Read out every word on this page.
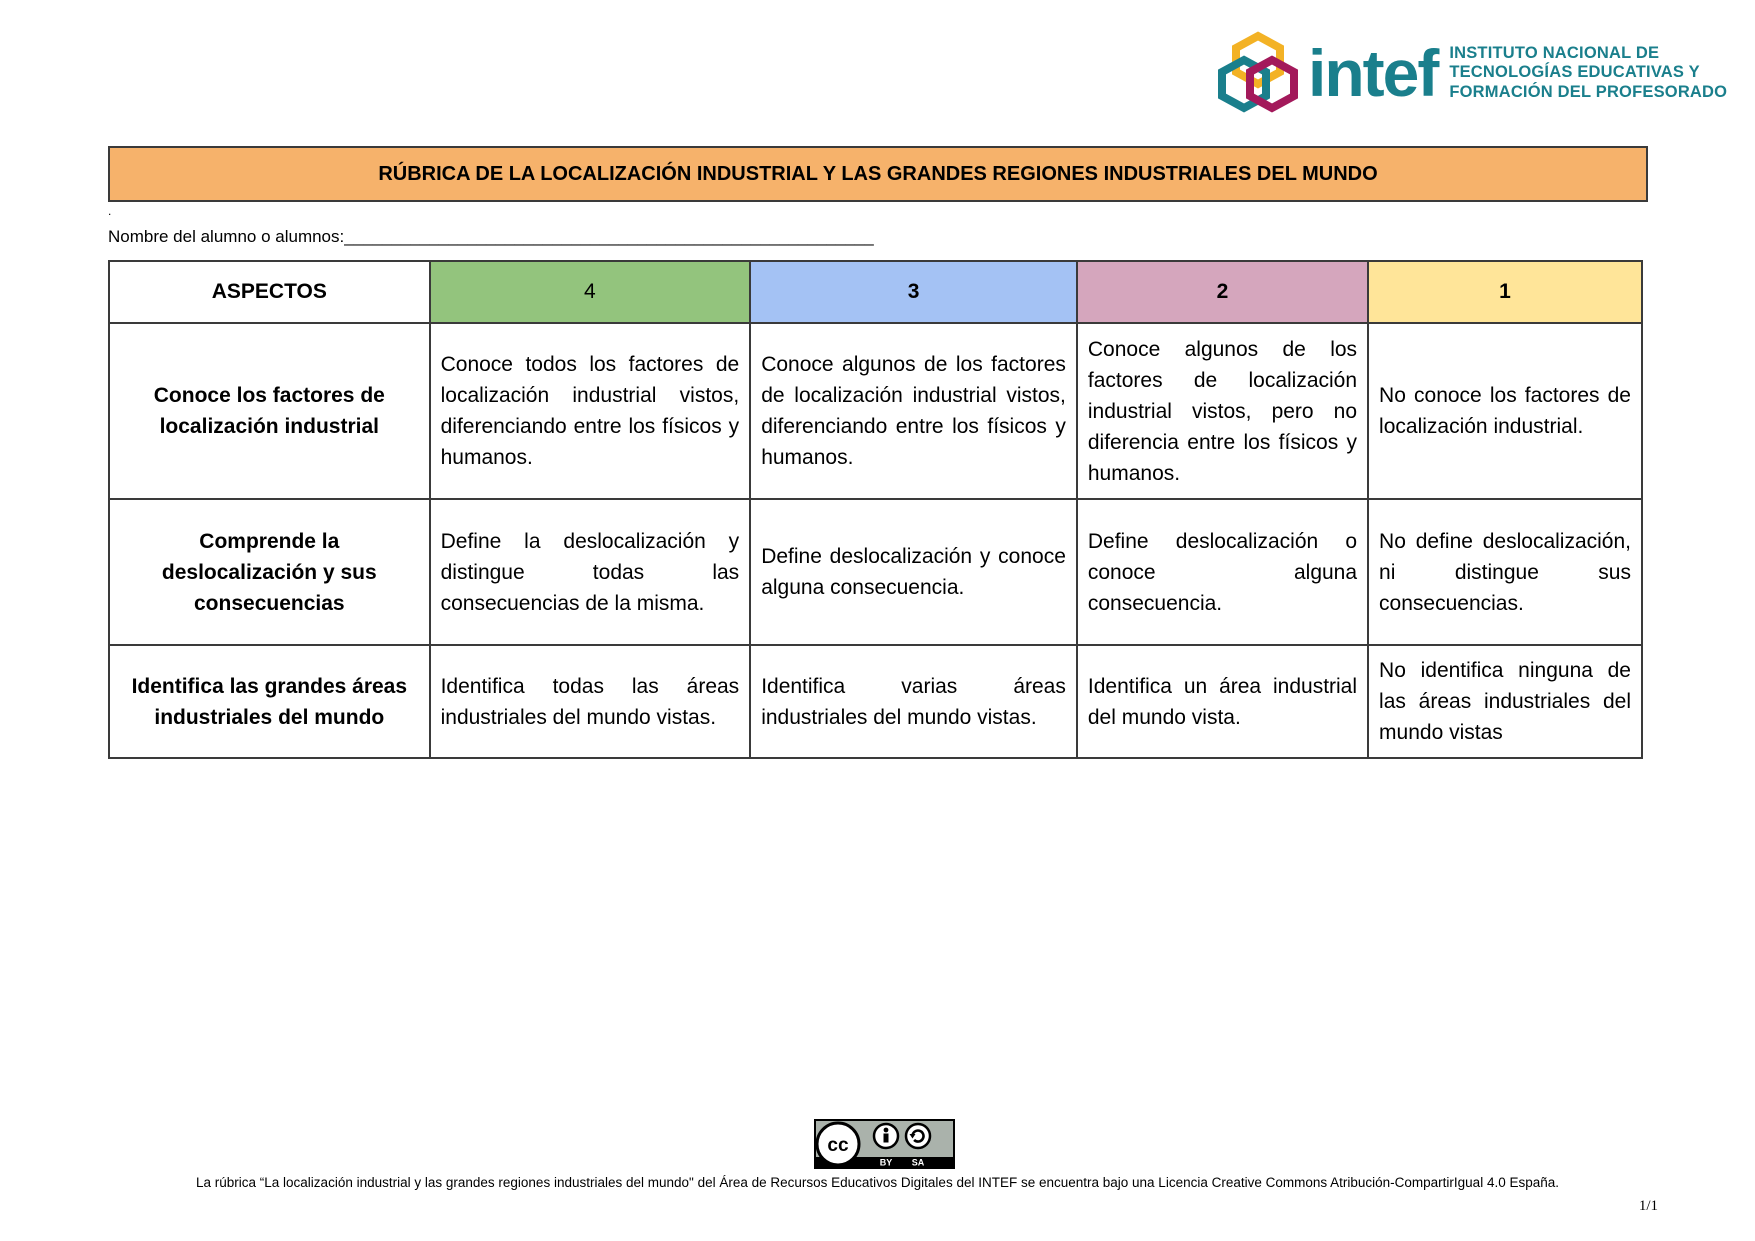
intef INSTITUTO NACIONAL DE
TECNOLOGÍAS EDUCATIVAS Y
FORMACIÓN DEL PROFESORADO
RÚBRICA DE LA LOCALIZACIÓN INDUSTRIAL Y LAS GRANDES REGIONES INDUSTRIALES DEL MUNDO
.
Nombre del alumno o alumnos:________________________________________________________
ASPECTOS	4	3	2	1
Conoce los factores de localización industrial	Conoce todos los factores de localización industrial vistos, diferenciando entre los físicos y humanos.	Conoce algunos de los factores de localización industrial vistos, diferenciando entre los físicos y humanos.	Conoce algunos de los factores de localización industrial vistos, pero no diferencia entre los físicos y humanos.	No conoce los factores de localización industrial.
Comprende la deslocalización y sus consecuencias	Define la deslocalización y distingue todas las consecuencias de la misma.	Define deslocalización y conoce alguna consecuencia.	Define deslocalización o conoce alguna consecuencia.	No define deslocalización, ni distingue sus consecuencias.
Identifica las grandes áreas industriales del mundo	Identifica todas las áreas industriales del mundo vistas.	Identifica varias áreas industriales del mundo vistas.	Identifica un área industrial del mundo vista.	No identifica ninguna de las áreas industriales del mundo vistas
cc
BY SA
La rúbrica “La localización industrial y las grandes regiones industriales del mundo" del Área de Recursos Educativos Digitales del INTEF se encuentra bajo una Licencia Creative Commons Atribución-CompartirIgual 4.0 España.
1/1
